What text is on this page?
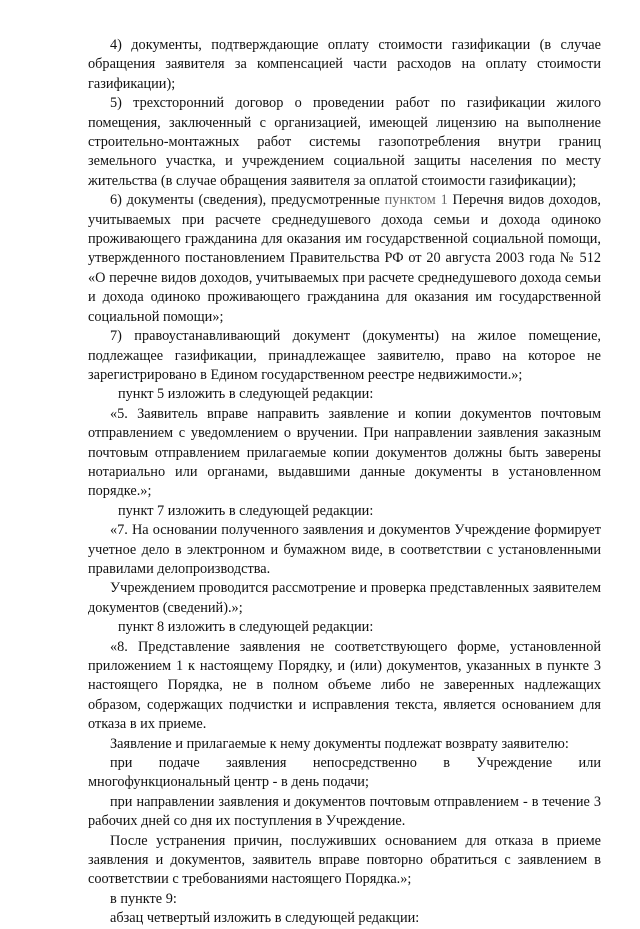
4) документы, подтверждающие оплату стоимости газификации (в случае обращения заявителя за компенсацией части расходов на оплату стоимости газификации);

5) трехсторонний договор о проведении работ по газификации жилого помещения, заключенный с организацией, имеющей лицензию на выполнение строительно-монтажных работ системы газопотребления внутри границ земельного участка, и учреждением социальной защиты населения по месту жительства (в случае обращения заявителя за оплатой стоимости газификации);

6) документы (сведения), предусмотренные пунктом 1 Перечня видов доходов, учитываемых при расчете среднедушевого дохода семьи и дохода одиноко проживающего гражданина для оказания им государственной социальной помощи, утвержденного постановлением Правительства РФ от 20 августа 2003 года № 512 «О перечне видов доходов, учитываемых при расчете среднедушевого дохода семьи и дохода одиноко проживающего гражданина для оказания им государственной социальной помощи»;

7) правоустанавливающий документ (документы) на жилое помещение, подлежащее газификации, принадлежащее заявителю, право на которое не зарегистрировано в Едином государственном реестре недвижимости.»;

пункт 5 изложить в следующей редакции:

«5. Заявитель вправе направить заявление и копии документов почтовым отправлением с уведомлением о вручении. При направлении заявления заказным почтовым отправлением прилагаемые копии документов должны быть заверены нотариально или органами, выдавшими данные документы в установленном порядке.»;

пункт 7 изложить в следующей редакции:

«7. На основании полученного заявления и документов Учреждение формирует учетное дело в электронном и бумажном виде, в соответствии с установленными правилами делопроизводства.

Учреждением проводится рассмотрение и проверка представленных заявителем документов (сведений).»;

пункт 8 изложить в следующей редакции:

«8. Представление заявления не соответствующего форме, установленной приложением 1 к настоящему Порядку, и (или) документов, указанных в пункте 3 настоящего Порядка, не в полном объеме либо не заверенных надлежащих образом, содержащих подчистки и исправления текста, является основанием для отказа в их приеме.

Заявление и прилагаемые к нему документы подлежат возврату заявителю:

при подаче заявления непосредственно в Учреждение или многофункциональный центр - в день подачи;

при направлении заявления и документов почтовым отправлением - в течение 3 рабочих дней со дня их поступления в Учреждение.

После устранения причин, послуживших основанием для отказа в приеме заявления и документов, заявитель вправе повторно обратиться с заявлением в соответствии с требованиями настоящего Порядка.»;

в пункте 9:

абзац четвертый изложить в следующей редакции:
